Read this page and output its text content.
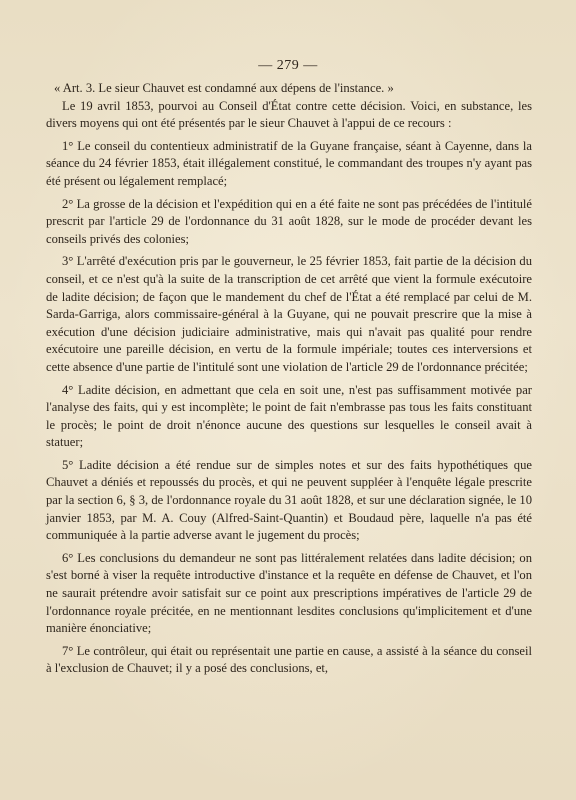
— 279 —

« Art. 3. Le sieur Chauvet est condamné aux dépens de l'instance. »

Le 19 avril 1853, pourvoi au Conseil d'État contre cette décision. Voici, en substance, les divers moyens qui ont été présentés par le sieur Chauvet à l'appui de ce recours :

1° Le conseil du contentieux administratif de la Guyane française, séant à Cayenne, dans la séance du 24 février 1853, était illégalement constitué, le commandant des troupes n'y ayant pas été présent ou légalement remplacé;

2° La grosse de la décision et l'expédition qui en a été faite ne sont pas précédées de l'intitulé prescrit par l'article 29 de l'ordonnance du 31 août 1828, sur le mode de procéder devant les conseils privés des colonies;

3° L'arrêté d'exécution pris par le gouverneur, le 25 février 1853, fait partie de la décision du conseil, et ce n'est qu'à la suite de la transcription de cet arrêté que vient la formule exécutoire de ladite décision; de façon que le mandement du chef de l'État a été remplacé par celui de M. Sarda-Garriga, alors commissaire-général à la Guyane, qui ne pouvait prescrire que la mise à exécution d'une décision judiciaire administrative, mais qui n'avait pas qualité pour rendre exécutoire une pareille décision, en vertu de la formule impériale; toutes ces interversions et cette absence d'une partie de l'intitulé sont une violation de l'article 29 de l'ordonnance précitée;

4° Ladite décision, en admettant que cela en soit une, n'est pas suffisamment motivée par l'analyse des faits, qui y est incomplète; le point de fait n'embrasse pas tous les faits constituant le procès; le point de droit n'énonce aucune des questions sur lesquelles le conseil avait à statuer;

5° Ladite décision a été rendue sur de simples notes et sur des faits hypothétiques que Chauvet a déniés et repoussés du procès, et qui ne peuvent suppléer à l'enquête légale prescrite par la section 6, § 3, de l'ordonnance royale du 31 août 1828, et sur une déclaration signée, le 10 janvier 1853, par M. A. Couy (Alfred-Saint-Quantin) et Boudaud père, laquelle n'a pas été communiquée à la partie adverse avant le jugement du procès;

6° Les conclusions du demandeur ne sont pas littéralement relatées dans ladite décision; on s'est borné à viser la requête introductive d'instance et la requête en défense de Chauvet, et l'on ne saurait prétendre avoir satisfait sur ce point aux prescriptions impératives de l'article 29 de l'ordonnance royale précitée, en ne mentionnant lesdites conclusions qu'implicitement et d'une manière énonciative;

7° Le contrôleur, qui était ou représentait une partie en cause, a assisté à la séance du conseil à l'exclusion de Chauvet; il y a posé des conclusions, et,
